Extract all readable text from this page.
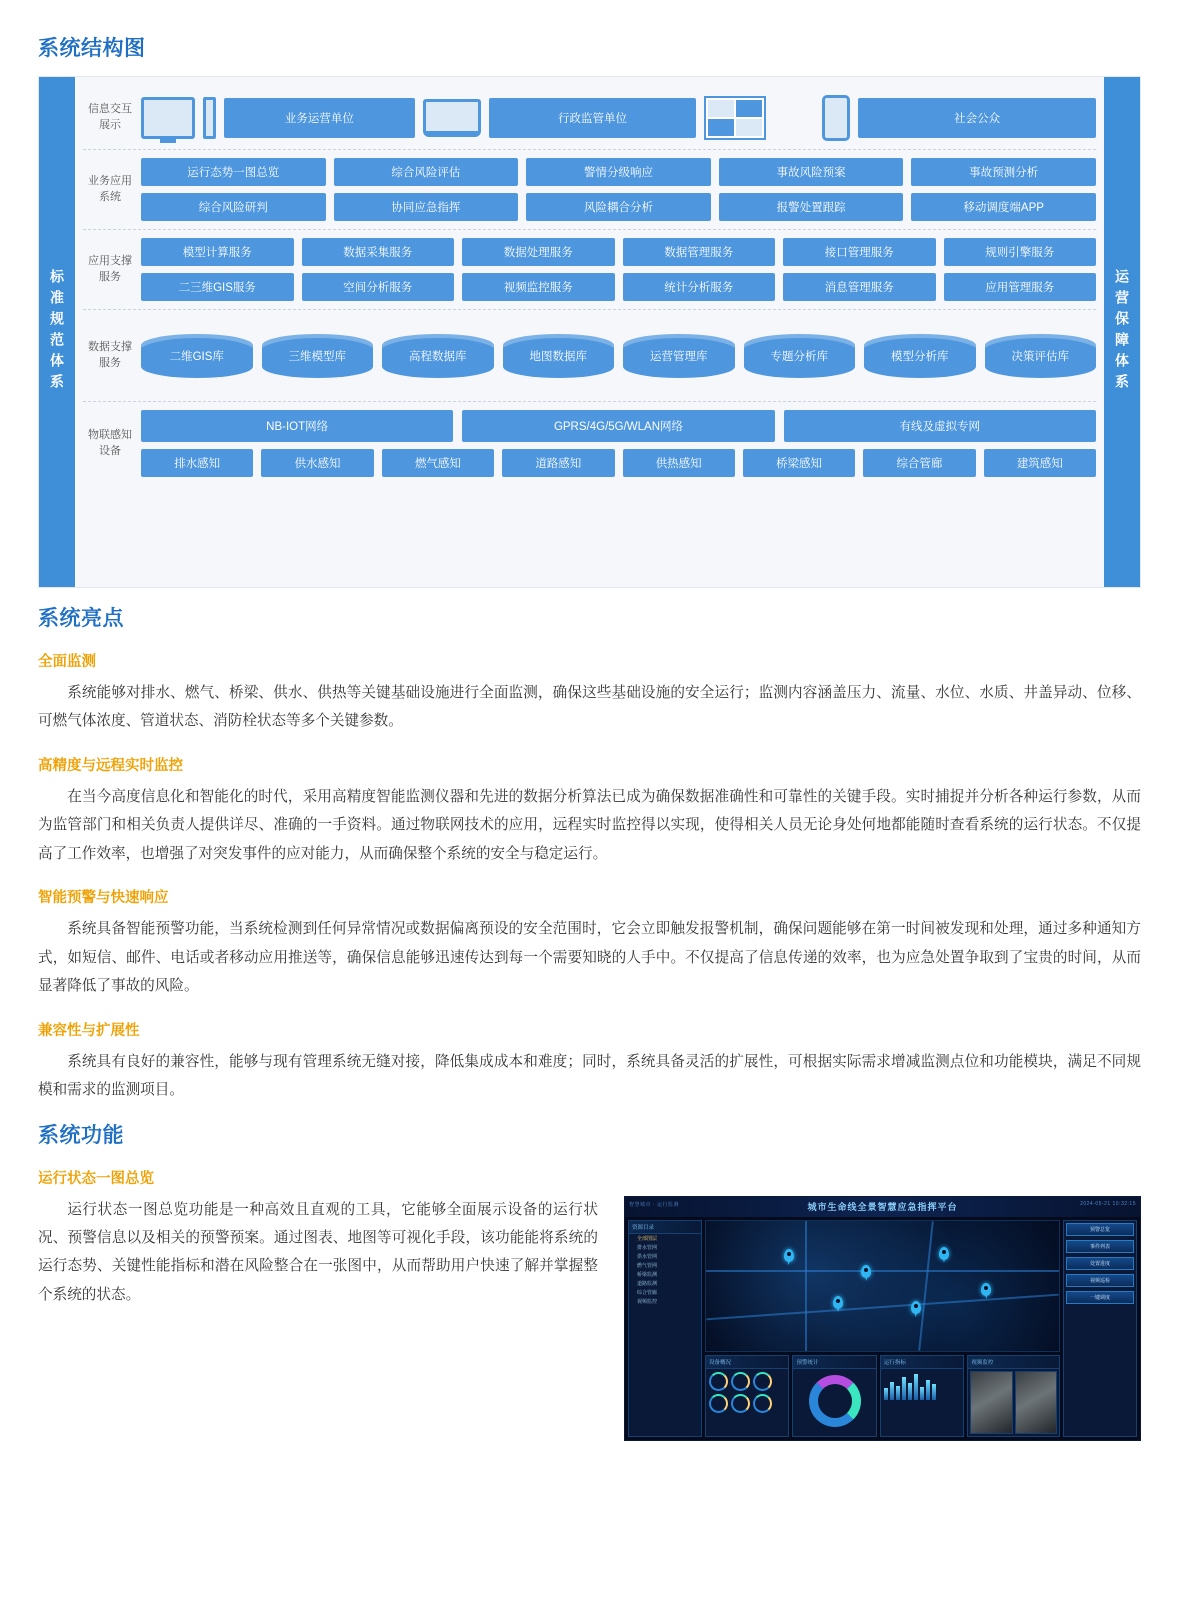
系统结构图
标准规范体系
信息交互展示	业务运营单位	行政监管单位	社会公众
业务应用系统
运行态势一图总览	综合风险评估	警情分级响应	事故风险预案	事故预测分析
综合风险研判	协同应急指挥	风险耦合分析	报警处置跟踪	移动调度端APP
应用支撑服务
模型计算服务	数据采集服务	数据处理服务	数据管理服务	接口管理服务	规则引擎服务
二三维GIS服务	空间分析服务	视频监控服务	统计分析服务	消息管理服务	应用管理服务
数据支撑服务	二维GIS库	三维模型库	高程数据库	地图数据库	运营管理库	专题分析库	模型分析库	决策评估库
物联感知设备
NB-IOT网络	GPRS/4G/5G/WLAN网络	有线及虚拟专网
排水感知	供水感知	燃气感知	道路感知	供热感知	桥梁感知	综合管廊	建筑感知
运营保障体系
系统亮点
全面监测

系统能够对排水、燃气、桥梁、供水、供热等关键基础设施进行全面监测，确保这些基础设施的安全运行；监测内容涵盖压力、流量、水位、水质、井盖异动、位移、可燃气体浓度、管道状态、消防栓状态等多个关键参数。

高精度与远程实时监控

在当今高度信息化和智能化的时代，采用高精度智能监测仪器和先进的数据分析算法已成为确保数据准确性和可靠性的关键手段。实时捕捉并分析各种运行参数，从而为监管部门和相关负责人提供详尽、准确的一手资料。通过物联网技术的应用，远程实时监控得以实现，使得相关人员无论身处何地都能随时查看系统的运行状态。不仅提高了工作效率，也增强了对突发事件的应对能力，从而确保整个系统的安全与稳定运行。

智能预警与快速响应

系统具备智能预警功能，当系统检测到任何异常情况或数据偏离预设的安全范围时，它会立即触发报警机制，确保问题能够在第一时间被发现和处理，通过多种通知方式，如短信、邮件、电话或者移动应用推送等，确保信息能够迅速传达到每一个需要知晓的人手中。不仅提高了信息传递的效率，也为应急处置争取到了宝贵的时间，从而显著降低了事故的风险。

兼容性与扩展性

系统具有良好的兼容性，能够与现有管理系统无缝对接，降低集成成本和难度；同时，系统具备灵活的扩展性，可根据实际需求增减监测点位和功能模块，满足不同规模和需求的监测项目。

系统功能
运行状态一图总览

运行状态一图总览功能是一种高效且直观的工具，它能够全面展示设备的运行状况、预警信息以及相关的预警预案。通过图表、地图等可视化手段，该功能能将系统的运行态势、关键性能指标和潜在风险整合在一张图中，从而帮助用户快速了解并掌握整个系统的状态。

智慧城市 · 运行监测	城市生命线全景智慧应急指挥平台	2024-05-21 10:32:15
资源目录
全部图层
排水管网
供水管网
燃气管网
桥梁监测
道路监测
综合管廊
视频监控
设备概况	预警统计	运行指标	视频监控
预警总览
事件列表
处置进度
视频巡检
一键调度
